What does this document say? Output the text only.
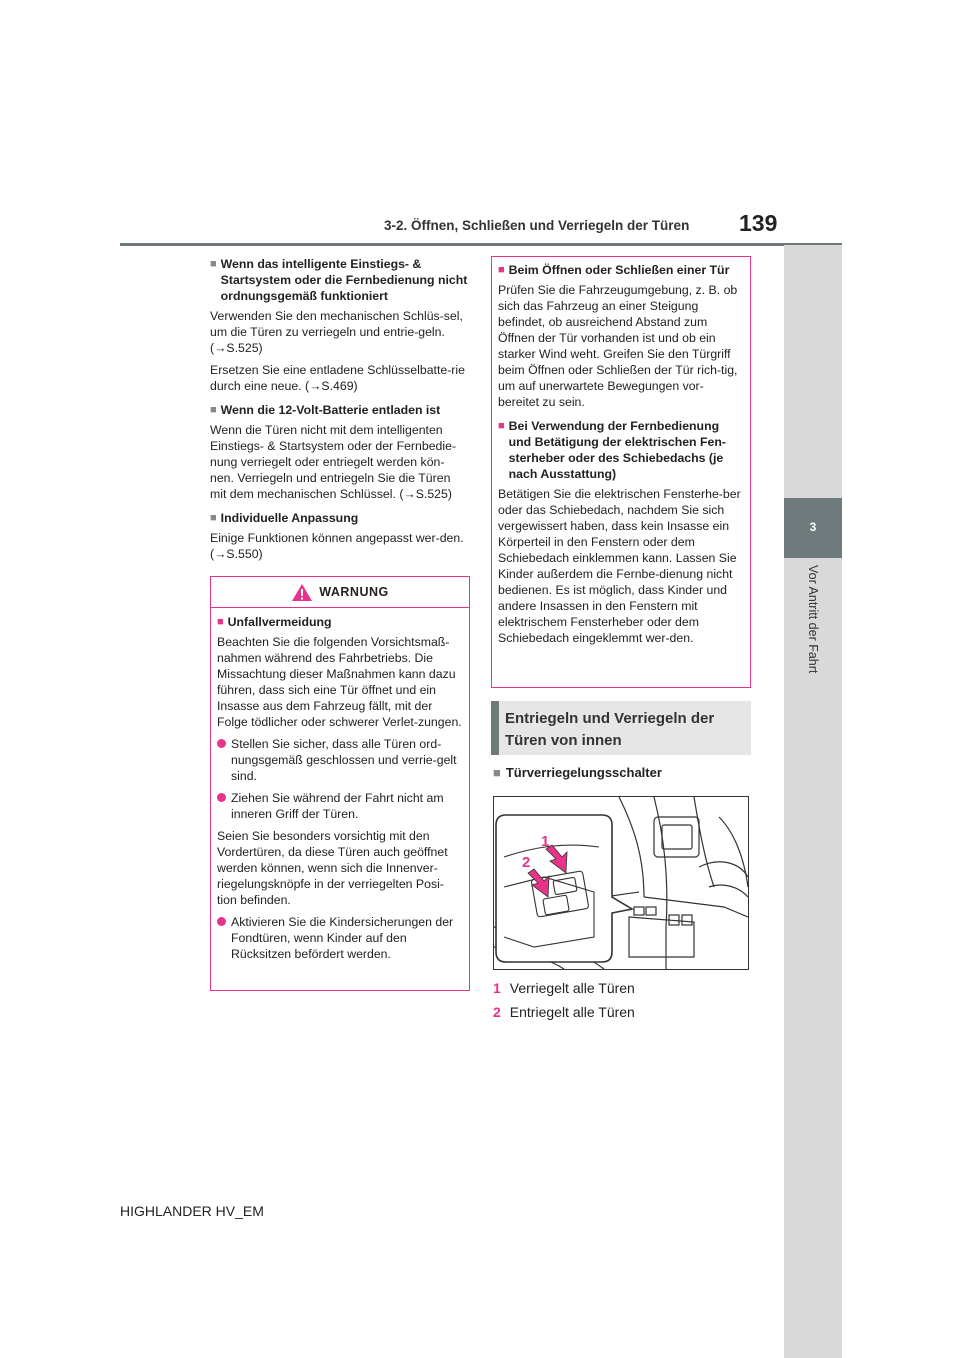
3-2. Öffnen, Schließen und Verriegeln der Türen 139
3
Vor Antritt der Fahrt

■ Wenn das intelligente Einstiegs- & Startsystem oder die Fernbedienung nicht ordnungsgemäß funktioniert

Verwenden Sie den mechanischen Schlüs-sel, um die Türen zu verriegeln und entrie-geln. (→S.525)

Ersetzen Sie eine entladene Schlüsselbatte-rie durch eine neue. (→S.469)

■ Wenn die 12-Volt-Batterie entladen ist

Wenn die Türen nicht mit dem intelligenten Einstiegs- & Startsystem oder der Fernbedie-nung verriegelt oder entriegelt werden kön-nen. Verriegeln und entriegeln Sie die Türen mit dem mechanischen Schlüssel. (→S.525)

■ Individuelle Anpassung

Einige Funktionen können angepasst wer-den. (→S.550)

WARNUNG

■ Unfallvermeidung

Beachten Sie die folgenden Vorsichtsmaß-nahmen während des Fahrbetriebs. Die Missachtung dieser Maßnahmen kann dazu führen, dass sich eine Tür öffnet und ein Insasse aus dem Fahrzeug fällt, mit der Folge tödlicher oder schwerer Verlet-zungen.

Stellen Sie sicher, dass alle Türen ord-nungsgemäß geschlossen und verrie-gelt sind.

Ziehen Sie während der Fahrt nicht am inneren Griff der Türen.

Seien Sie besonders vorsichtig mit den Vordertüren, da diese Türen auch geöffnet werden können, wenn sich die Innenver-riegelungsknöpfe in der verriegelten Posi-tion befinden.

Aktivieren Sie die Kindersicherungen der Fondtüren, wenn Kinder auf den Rücksitzen befördert werden.

■ Beim Öffnen oder Schließen einer Tür

Prüfen Sie die Fahrzeugumgebung, z. B. ob sich das Fahrzeug an einer Steigung befindet, ob ausreichend Abstand zum Öffnen der Tür vorhanden ist und ob ein starker Wind weht. Greifen Sie den Türgriff beim Öffnen oder Schließen der Tür rich-tig, um auf unerwartete Bewegungen vor-bereitet zu sein.

■ Bei Verwendung der Fernbedienung und Betätigung der elektrischen Fen-sterheber oder des Schiebedachs (je nach Ausstattung)

Betätigen Sie die elektrischen Fensterhe-ber oder das Schiebedach, nachdem Sie sich vergewissert haben, dass kein Insasse ein Körperteil in den Fenstern oder dem Schiebedach einklemmen kann. Lassen Sie Kinder außerdem die Fernbe-dienung nicht bedienen. Es ist möglich, dass Kinder und andere Insassen in den Fenstern mit elektrischem Fensterheber oder dem Schiebedach eingeklemmt wer-den.

Entriegeln und Verriegeln der
Türen von innen
■ Türverriegelungsschalter
1
2
1 Verriegelt alle Türen
2 Entriegelt alle Türen
HIGHLANDER HV_EM
